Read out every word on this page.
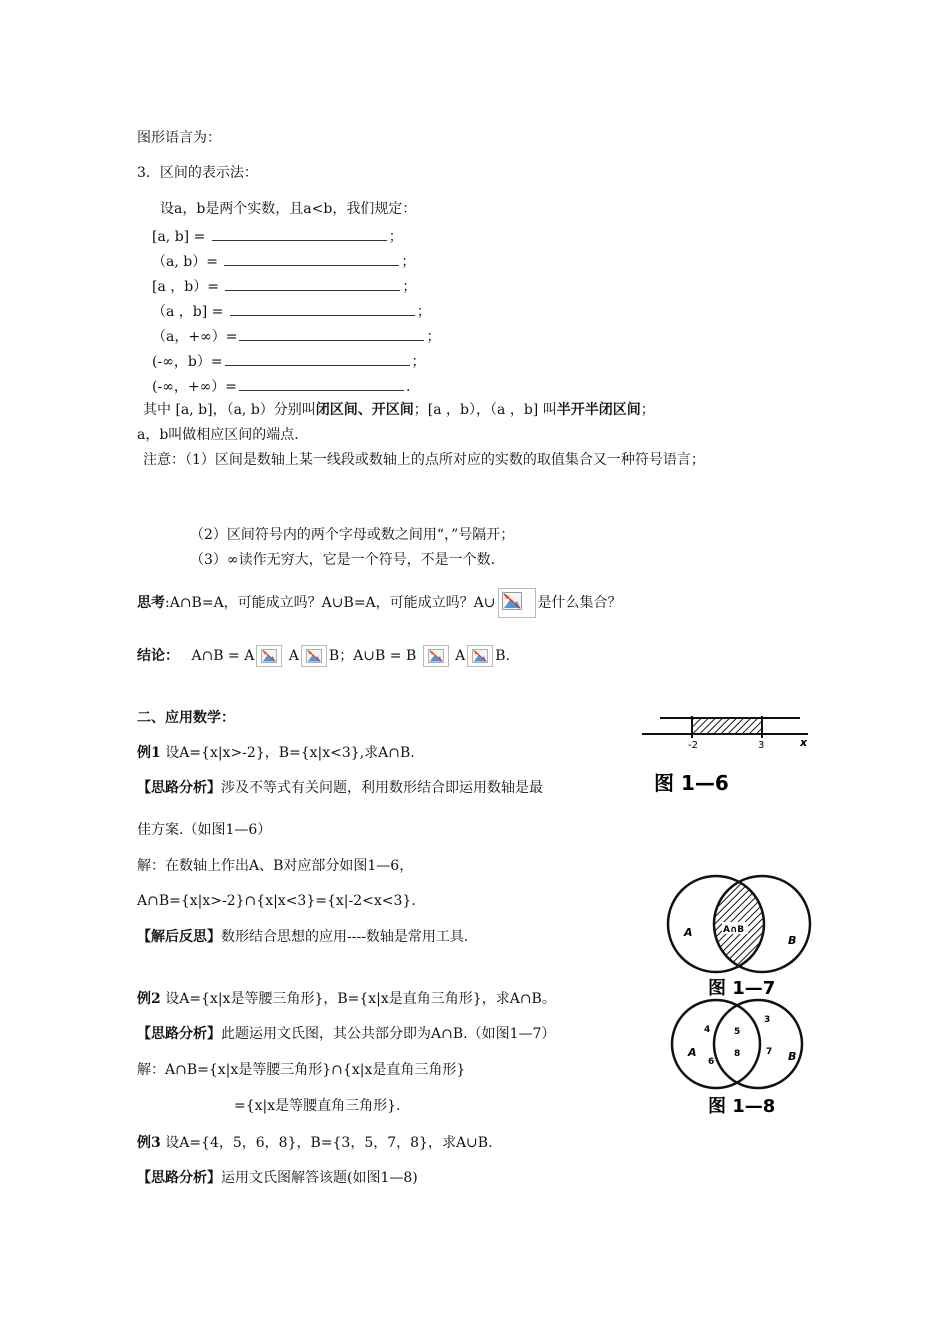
图形语言为：
3．区间的表示法：
设a，b是两个实数，且a<b，我们规定：
[a, b] =	；
（a, b）=	；
[a ，b）=	；
（a ，b] =	；
（a，+∞）=	；
(-∞，b）=	；
(-∞，+∞）=	.
其中 [a, b]，（a, b）分别叫闭区间、开区间；[a ，b），（a ，b] 叫半开半闭区间；
a，b叫做相应区间的端点.
注意：（1）区间是数轴上某一线段或数轴上的点所对应的实数的取值集合又一种符号语言；
（2）区间符号内的两个字母或数之间用“，”号隔开；
（3）∞读作无穷大，它是一个符号，不是一个数.
思考:A∩B=A，可能成立吗？A∪B=A，可能成立吗？A∪	是什么集合？
结论： A∩B = A A B；A∪B = B	A B.
二、应用数学：
例1 设A={x|x>-2}，B={x|x<3},求A∩B.
【思路分析】涉及不等式有关问题，利用数形结合即运用数轴是最
佳方案.（如图1—6）
解：在数轴上作出A、B对应部分如图1—6，
A∩B={x|x>-2}∩{x|x<3}={x|-2<x<3}.
【解后反思】数形结合思想的应用----数轴是常用工具.
例2 设A={x|x是等腰三角形}，B={x|x是直角三角形}，求A∩B。
【思路分析】此题运用文氏图，其公共部分即为A∩B.（如图1—7）
解：A∩B={x|x是等腰三角形}∩{x|x是直角三角形}
={x|x是等腰直角三角形}.
例3 设A={4，5，6，8}，B={3，5，7，8}，求A∪B.
【思路分析】运用文氏图解答该题(如图1—8)
-2	3	x
图 1—6
A∩B
A
B
图 1—7
4
6
5
8
3
7
A	B
图 1—8
